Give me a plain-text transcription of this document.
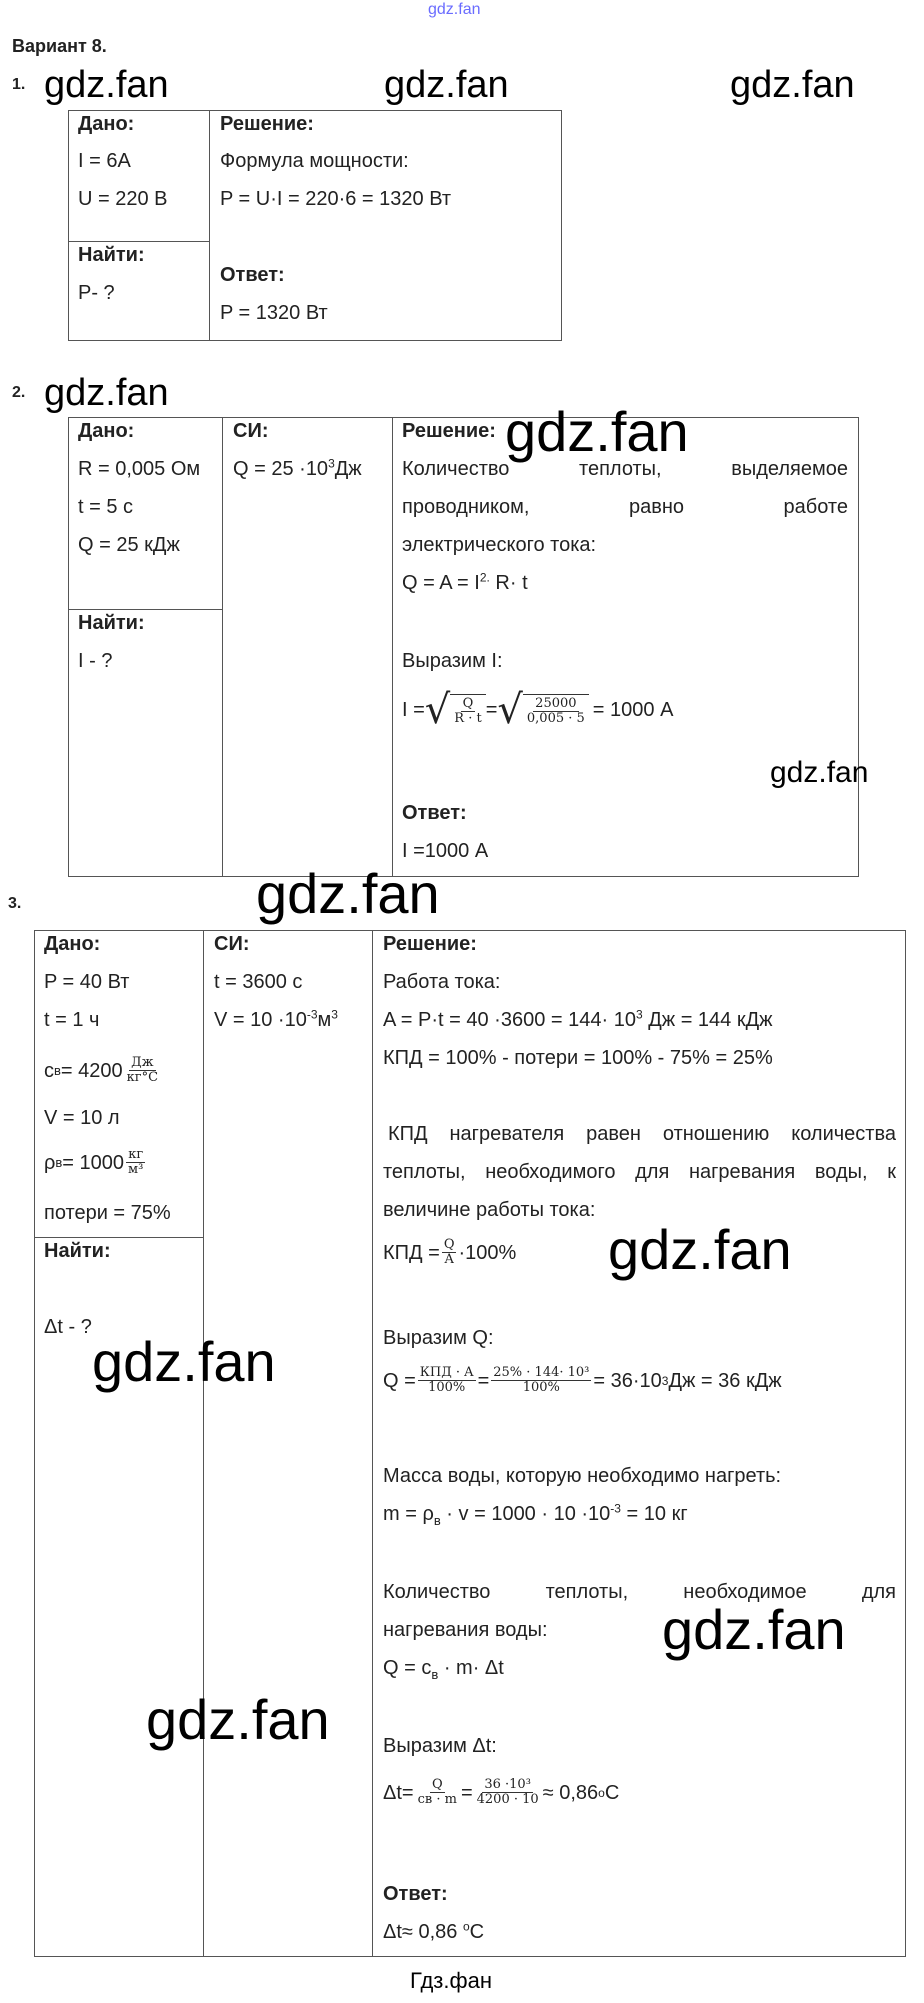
gdz.fan
Вариант 8.
gdz.fan	gdz.fan	gdz.fan
1.
Дано:
I = 6А
U = 220 В
Найти:
P- ?
Решение:
Формула мощности:
P = U·I = 220·6 = 1320 Вт
Ответ:
P = 1320 Вт
2. gdz.fan
Дано:
R = 0,005 Ом
t = 5 с
Q = 25 кДж
Найти:
I - ?
СИ:
$Q = 25 \cdot 10^3Дж$
Решение: gdz.fan
Количество	теплоты,	выделяемое
проводником,	равно	работе
электрического тока:
$Q = A = I^{2.}$ R· t
Выразим I:
I = √ $\frac{Q}{R \cdot t}$ = √ $\frac{25000}{0,005 \cdot 5} = 1000$ А
gdz.fan
Ответ:
I =1000 А
3.	gdz.fan
Дано:
P = 40 Вт
t = 1 ч
с $в = 4200 \frac{Дж}{кг^\circ C}$
V = 10 л
ρ $в = 1000 \frac{кг}{\text{м³}}$
потери = 75%
Найти:
Δt - ?
gdz.fan
gdz.fan
СИ:
t = 3600 с
$V = 10 \cdot 10^{-3}м^3$
Решение:
Работа тока:
$A = P\cdot t = 40 \cdot 3600 = 144\cdot 10^3$ Дж = 144 кДж
КПД = 100% - потери = 100% - 75% = 25%
КПД нагревателя равен отношению количества
теплоты, необходимого для нагревания воды, к
величине работы тока:
КПД = $\frac{Q}{A} \cdot 100\%$ gdz.fan
Выразим Q:
$Q = \frac{\text{КПД · A}}{100\%} = \frac{\text{25\% · 144· 10³}}{100\%} = 36\cdot 10$ 3 Дж = 36 кДж
Масса воды, которую необходимо нагреть:
$m = \rho_в \cdot v = 1000 \cdot 10 \cdot 10^{-3} = 10$ кг
Количество	теплоты,	необходимое	для
нагревания воды: gdz.fan
$Q = c_в \cdot m\cdot \Delta t$
Выразим Δt:
$\Delta t= \frac{Q}{cв \cdot m} = \frac{\text{36 ·10³}}{4200 \cdot 10} \approx 0,86$ o C
Ответ:
Δt≈ 0,86 $^o$C
Гдз.фан
